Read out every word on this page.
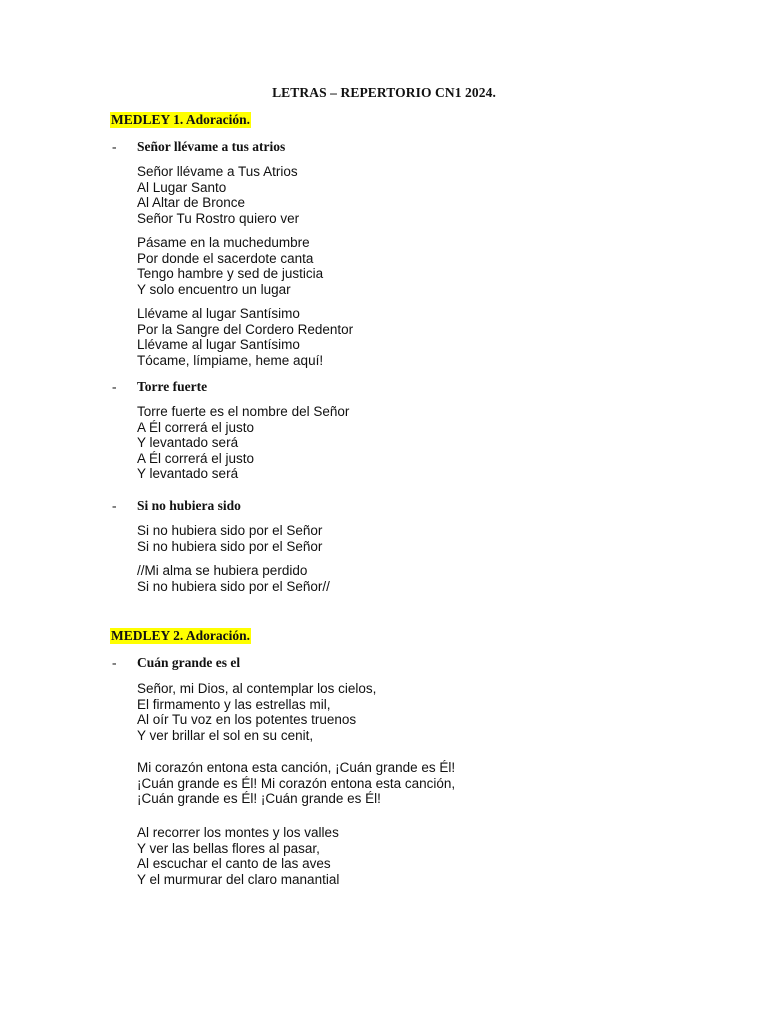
LETRAS – REPERTORIO CN1 2024.
MEDLEY 1. Adoración.
- Señor llévame a tus atrios
Señor llévame a Tus Atrios
Al Lugar Santo
Al Altar de Bronce
Señor Tu Rostro quiero ver
Pásame en la muchedumbre
Por donde el sacerdote canta
Tengo hambre y sed de justicia
Y solo encuentro un lugar
Llévame al lugar Santísimo
Por la Sangre del Cordero Redentor
Llévame al lugar Santísimo
Tócame, límpiame, heme aquí!
- Torre fuerte
Torre fuerte es el nombre del Señor
A Él correrá el justo
Y levantado será
A Él correrá el justo
Y levantado será
- Si no hubiera sido
Si no hubiera sido por el Señor
Si no hubiera sido por el Señor
//Mi alma se hubiera perdido
Si no hubiera sido por el Señor//
MEDLEY 2. Adoración.
- Cuán grande es el
Señor, mi Dios, al contemplar los cielos,
El firmamento y las estrellas mil,
Al oír Tu voz en los potentes truenos
Y ver brillar el sol en su cenit,
Mi corazón entona esta canción, ¡Cuán grande es Él!
¡Cuán grande es Él! Mi corazón entona esta canción,
¡Cuán grande es Él! ¡Cuán grande es Él!
Al recorrer los montes y los valles
Y ver las bellas flores al pasar,
Al escuchar el canto de las aves
Y el murmurar del claro manantial
